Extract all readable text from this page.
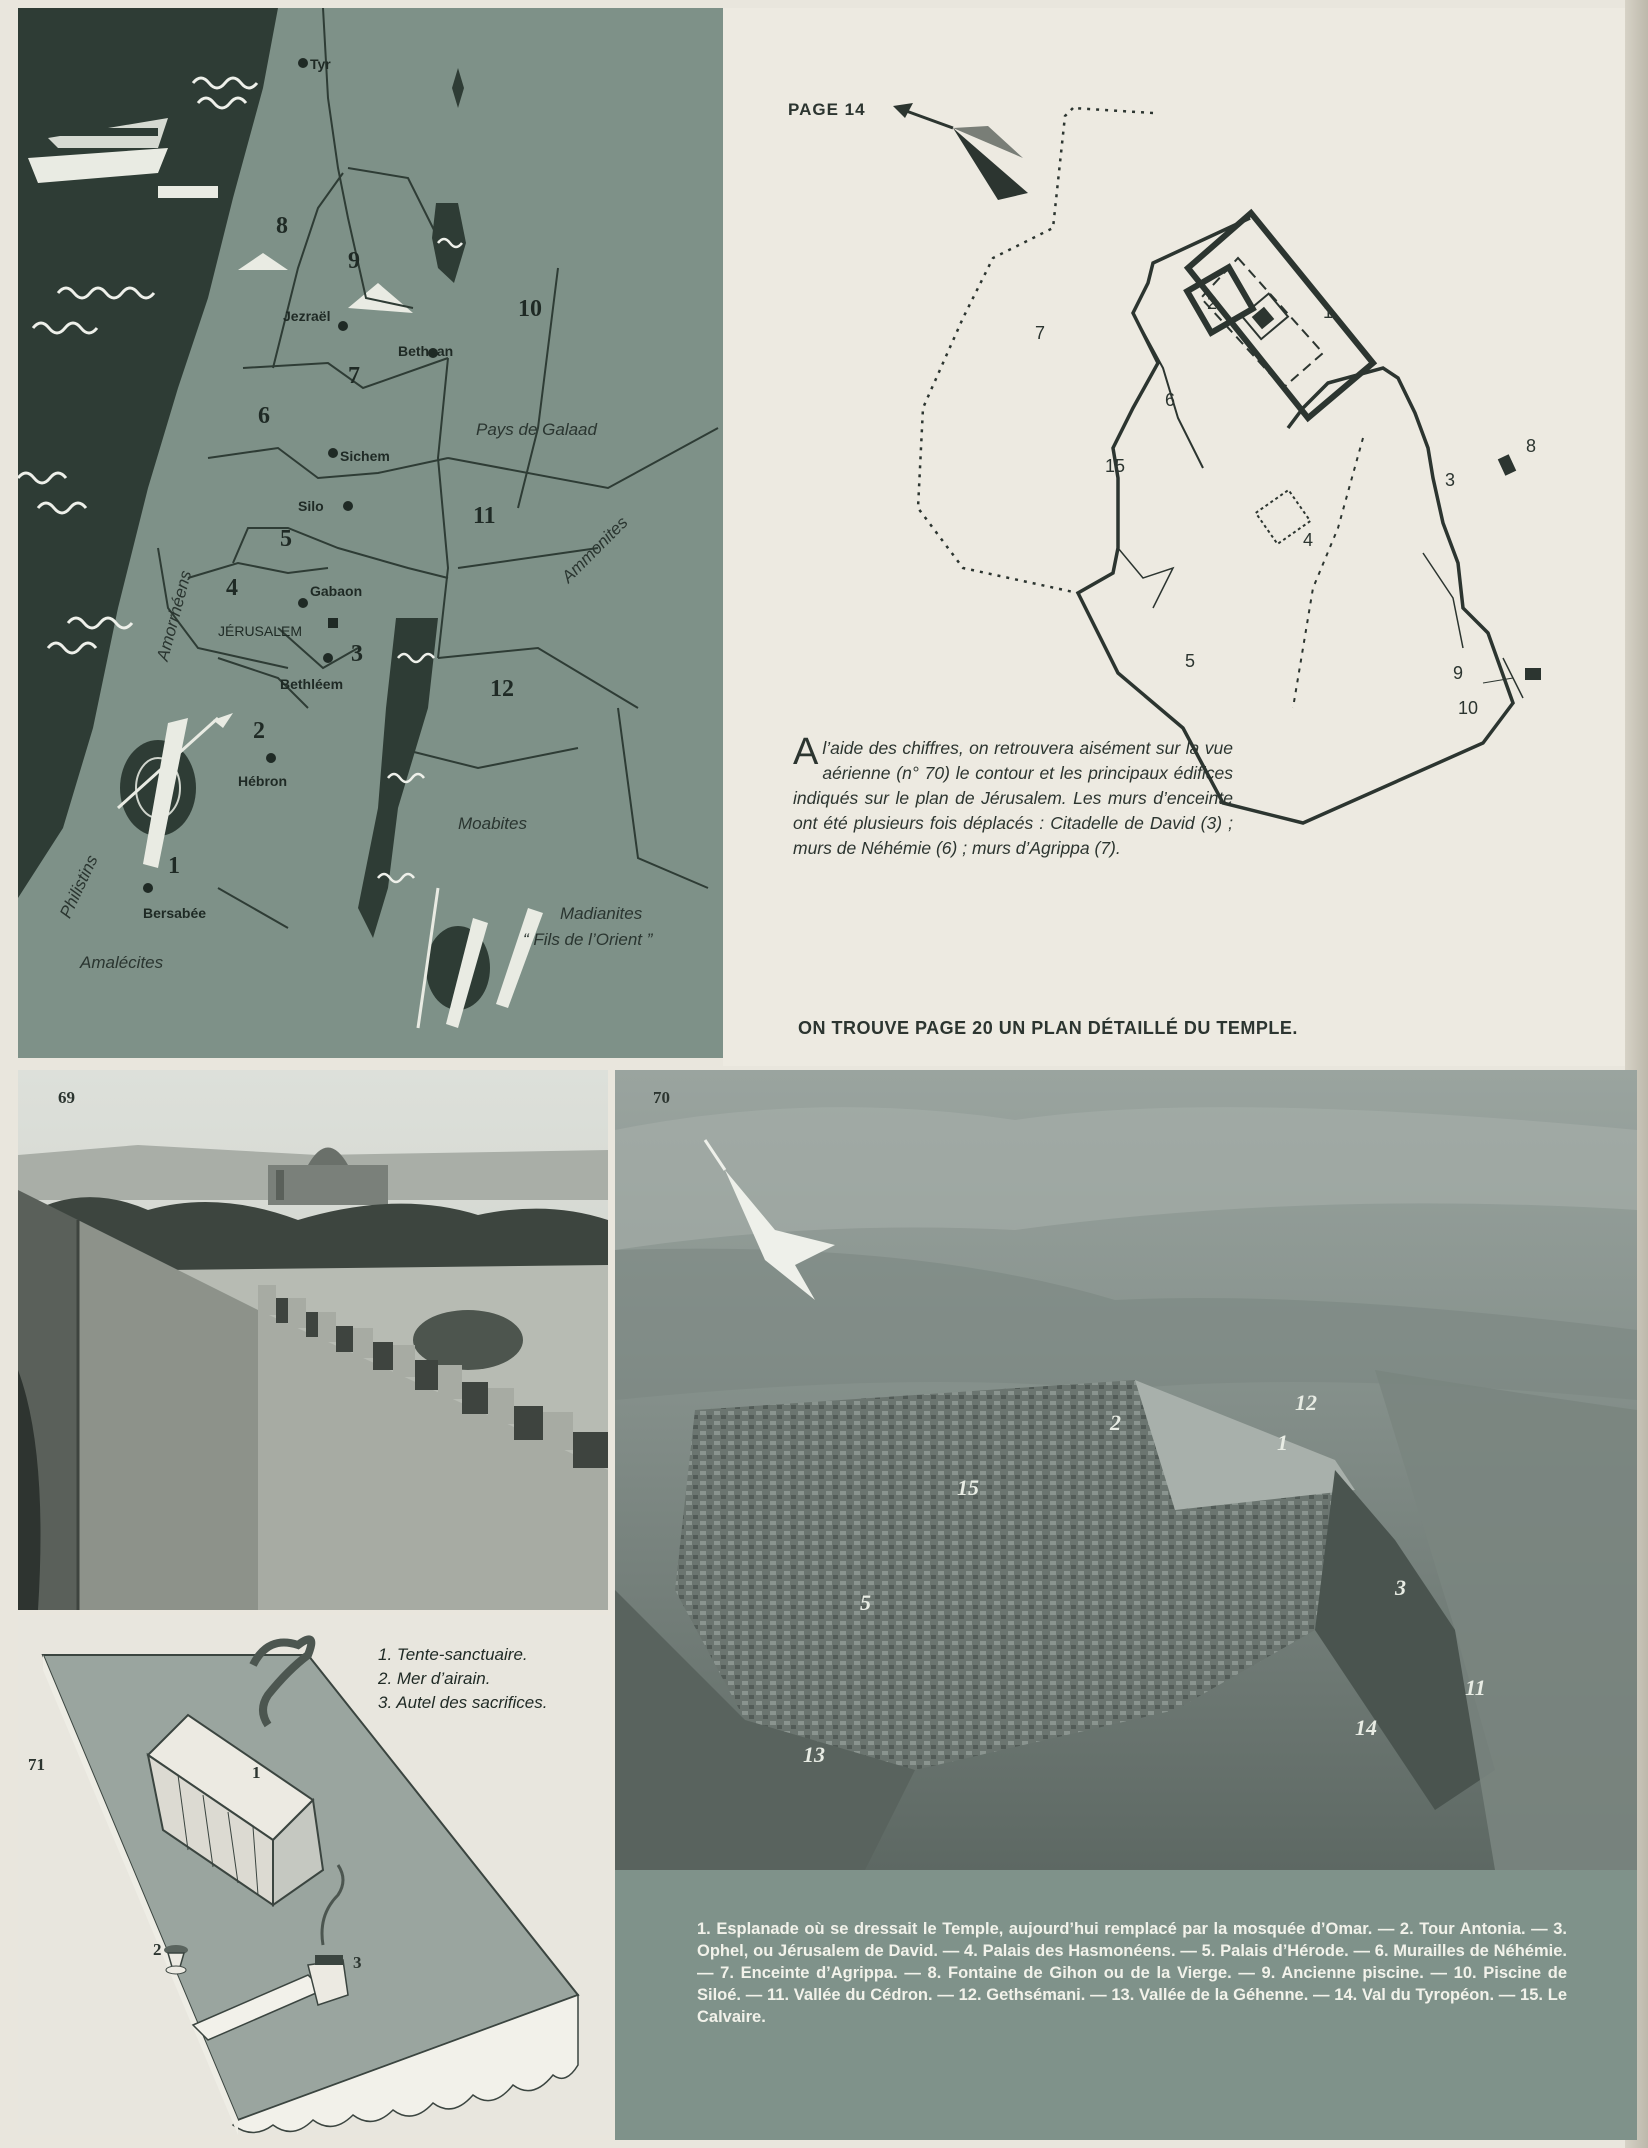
Tyr
Jezraël
Bethsan
Sichem
Silo
Gabaon
JÉRUSALEM
Bethléem
Hébron
Bersabée
Pays de Galaad
Ammonites
Moabites
Madianites
“ Fils de l’Orient ”
Amalécites
Philistins
Amorrhéens
1
2
3
4
5
6
7
8
9
10
11
12
PAGE 14
1
2
3
4
5
6
7
8
9
10
15
Al’aide des chiffres, on retrouvera aisément sur la vue aérienne (n° 70) le contour et les principaux édifices indiqués sur le plan de Jérusalem. Les murs d’enceinte ont été plusieurs fois déplacés : Citadelle de David (3) ; murs de Néhémie (6) ; murs d’Agrippa (7).
ON TROUVE PAGE 20 UN PLAN DÉTAILLÉ DU TEMPLE.
69
71	1
2
3
1. Tente-sanctuaire.
2. Mer d’airain.
3. Autel des sacrifices.
70
1
2
3
5
11
12
13
14
15
1. Esplanade où se dressait le Temple, aujourd’hui remplacé par la mosquée d’Omar. — 2. Tour Antonia. — 3. Ophel, ou Jérusalem de David. — 4. Palais des Hasmonéens. — 5. Palais d’Hérode. — 6. Murailles de Néhémie. — 7. Enceinte d’Agrippa. — 8. Fontaine de Gihon ou de la Vierge. — 9. Ancienne piscine. — 10. Piscine de Siloé. — 11. Vallée du Cédron. — 12. Gethsémani. — 13. Vallée de la Géhenne. — 14. Val du Tyropéon. — 15. Le Calvaire.
